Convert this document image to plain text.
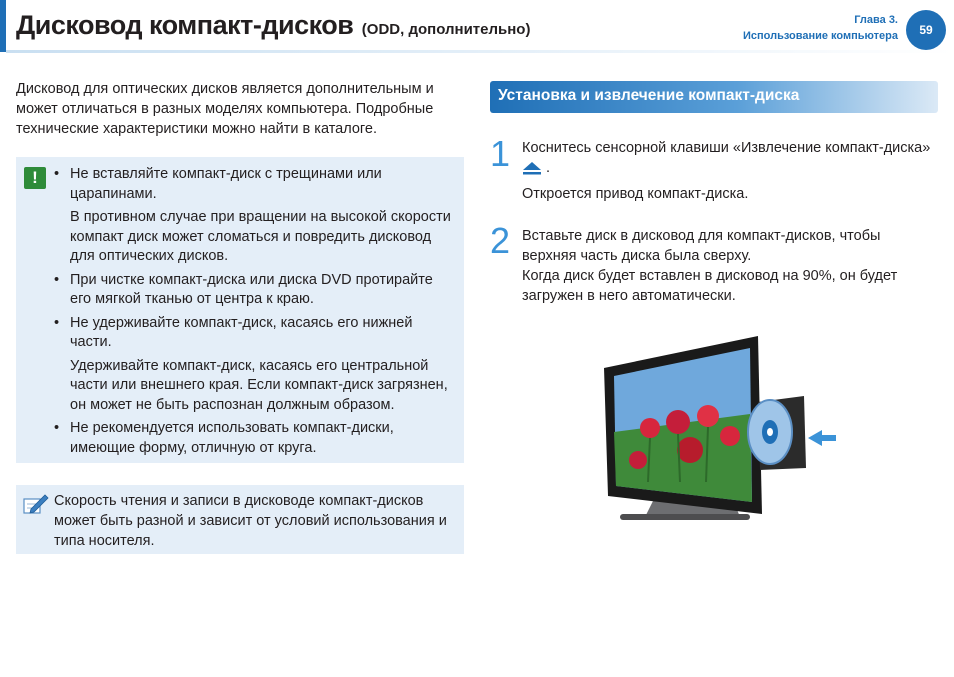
Дисковод компакт-дисков (ODD, дополнительно)
Глава 3.
Использование компьютера	59
Дисковод для оптических дисков является дополнительным и может отличаться в разных моделях компьютера. Подробные технические характеристики можно найти в каталоге.
!	• Не вставляйте компакт-диск с трещинами или царапинами.
В противном случае при вращении на высокой скорости компакт диск может сломаться и повредить дисковод для оптических дисков.
• При чистке компакт-диска или диска DVD протирайте его мягкой тканью от центра к краю.
• Не удерживайте компакт-диск, касаясь его нижней части.
Удерживайте компакт-диск, касаясь его центральной части или внешнего края. Если компакт-диск загрязнен, он может не быть распознан должным образом.
• Не рекомендуется использовать компакт-диски, имеющие форму, отличную от круга.
Скорость чтения и записи в дисководе компакт-дисков может быть разной и зависит от условий использования и типа носителя.
Установка и извлечение компакт-диска
1 Коснитесь сенсорной клавиши «Извлечение компакт-диска»  .

Откроется привод компакт-диска.

2 Вставьте диск в дисковод для компакт-дисков, чтобы верхняя часть диска была сверху.

Когда диск будет вставлен в дисковод на 90%, он будет загружен в него автоматически.
